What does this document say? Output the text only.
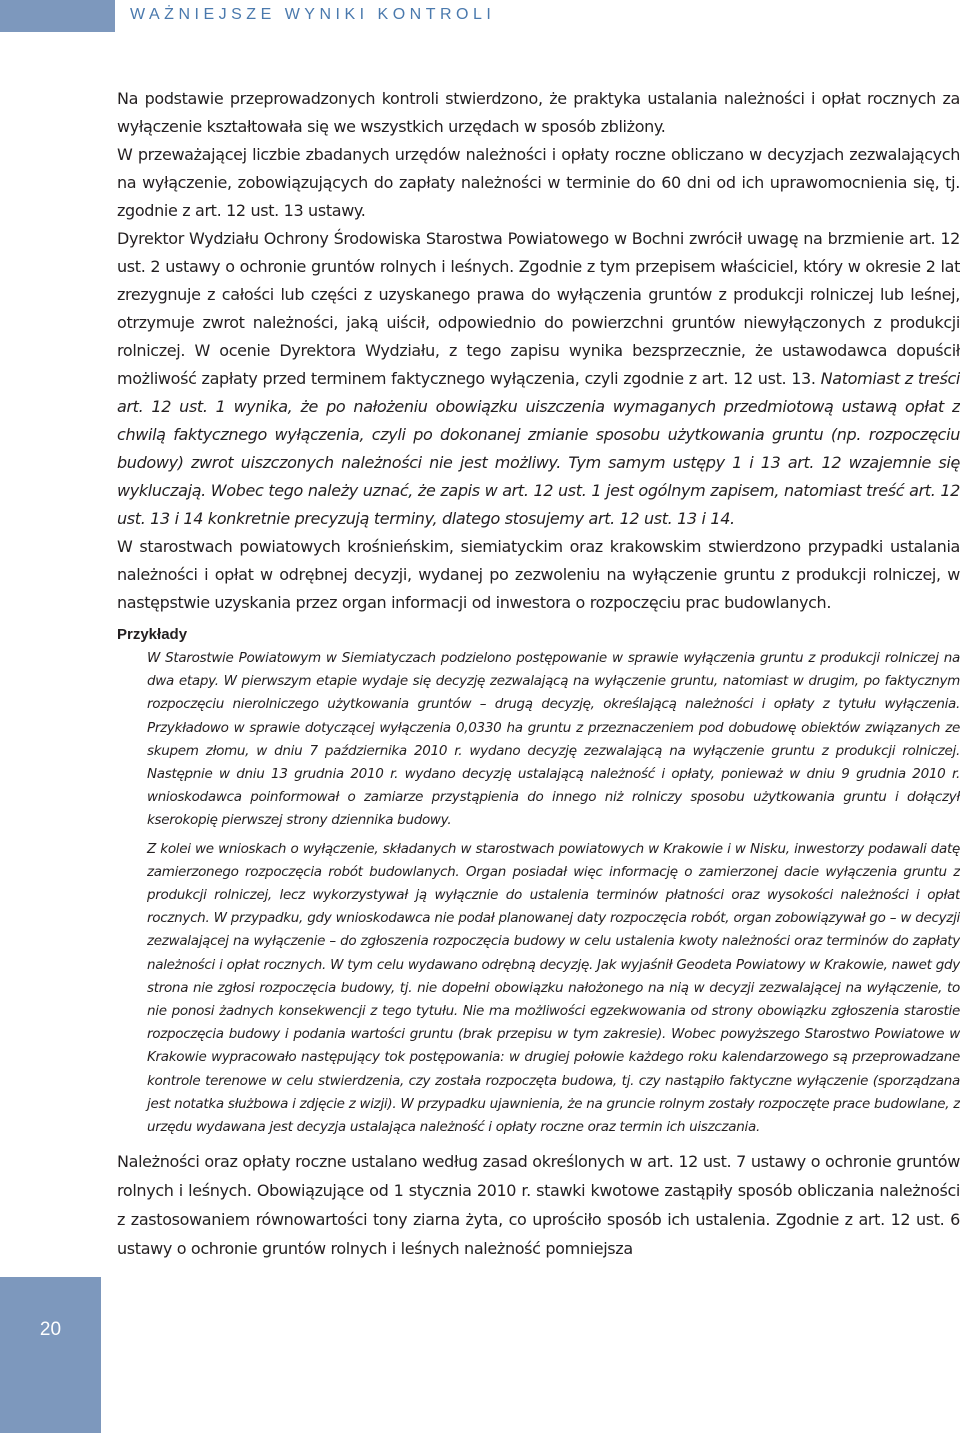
WAŻNIEJSZE WYNIKI KONTROLI

Na podstawie przeprowadzonych kontroli stwierdzono, że praktyka ustalania należności i opłat rocznych za wyłączenie kształtowała się we wszystkich urzędach w sposób zbliżony.

W przeważającej liczbie zbadanych urzędów należności i opłaty roczne obliczano w decyzjach zezwalających na wyłączenie, zobowiązujących do zapłaty należności w terminie do 60 dni od ich uprawomocnienia się, tj. zgodnie z art. 12 ust. 13 ustawy.

Dyrektor Wydziału Ochrony Środowiska Starostwa Powiatowego w Bochni zwrócił uwagę na brzmienie art. 12 ust. 2 ustawy o ochronie gruntów rolnych i leśnych. Zgodnie z tym przepisem właściciel, który w okresie 2 lat zrezygnuje z całości lub części z uzyskanego prawa do wyłączenia gruntów z produkcji rolniczej lub leśnej, otrzymuje zwrot należności, jaką uiścił, odpowiednio do powierzchni gruntów niewyłączonych z produkcji rolniczej. W ocenie Dyrektora Wydziału, z tego zapisu wynika bezsprzecznie, że ustawodawca dopuścił możliwość zapłaty przed terminem faktycznego wyłączenia, czyli zgodnie z art. 12 ust. 13. Natomiast z treści art. 12 ust. 1 wynika, że po nałożeniu obowiązku uiszczenia wymaganych przedmiotową ustawą opłat z chwilą faktycznego wyłączenia, czyli po dokonanej zmianie sposobu użytkowania gruntu (np. rozpoczęciu budowy) zwrot uiszczonych należności nie jest możliwy. Tym samym ustępy 1 i 13 art. 12 wzajemnie się wykluczają. Wobec tego należy uznać, że zapis w art. 12 ust. 1 jest ogólnym zapisem, natomiast treść art. 12 ust. 13 i 14 konkretnie precyzują terminy, dlatego stosujemy art. 12 ust. 13 i 14.

W starostwach powiatowych krośnieńskim, siemiatyckim oraz krakowskim stwierdzono przypadki ustalania należności i opłat w odrębnej decyzji, wydanej po zezwoleniu na wyłączenie gruntu z produkcji rolniczej, w następstwie uzyskania przez organ informacji od inwestora o rozpoczęciu prac budowlanych.

Przykłady

W Starostwie Powiatowym w Siemiatyczach podzielono postępowanie w sprawie wyłączenia gruntu z produkcji rolniczej na dwa etapy. W pierwszym etapie wydaje się decyzję zezwalającą na wyłączenie gruntu, natomiast w drugim, po faktycznym rozpoczęciu nierolniczego użytkowania gruntów – drugą decyzję, określającą należności i opłaty z tytułu wyłączenia. Przykładowo w sprawie dotyczącej wyłączenia 0,0330 ha gruntu z przeznaczeniem pod dobudowę obiektów związanych ze skupem złomu, w dniu 7 października 2010 r. wydano decyzję zezwalającą na wyłączenie gruntu z produkcji rolniczej. Następnie w dniu 13 grudnia 2010 r. wydano decyzję ustalającą należność i opłaty, ponieważ w dniu 9 grudnia 2010 r. wnioskodawca poinformował o zamiarze przystąpienia do innego niż rolniczy sposobu użytkowania gruntu i dołączył kserokopię pierwszej strony dziennika budowy.

Z kolei we wnioskach o wyłączenie, składanych w starostwach powiatowych w Krakowie i w Nisku, inwestorzy podawali datę zamierzonego rozpoczęcia robót budowlanych. Organ posiadał więc informację o zamierzonej dacie wyłączenia gruntu z produkcji rolniczej, lecz wykorzystywał ją wyłącznie do ustalenia terminów płatności oraz wysokości należności i opłat rocznych. W przypadku, gdy wnioskodawca nie podał planowanej daty rozpoczęcia robót, organ zobowiązywał go – w decyzji zezwalającej na wyłączenie – do zgłoszenia rozpoczęcia budowy w celu ustalenia kwoty należności oraz terminów do zapłaty należności i opłat rocznych. W tym celu wydawano odrębną decyzję. Jak wyjaśnił Geodeta Powiatowy w Krakowie, nawet gdy strona nie zgłosi rozpoczęcia budowy, tj. nie dopełni obowiązku nałożonego na nią w decyzji zezwalającej na wyłączenie, to nie ponosi żadnych konsekwencji z tego tytułu. Nie ma możliwości egzekwowania od strony obowiązku zgłoszenia starostie rozpoczęcia budowy i podania wartości gruntu (brak przepisu w tym zakresie). Wobec powyższego Starostwo Powiatowe w Krakowie wypracowało następujący tok postępowania: w drugiej połowie każdego roku kalendarzowego są przeprowadzane kontrole terenowe w celu stwierdzenia, czy została rozpoczęta budowa, tj. czy nastąpiło faktyczne wyłączenie (sporządzana jest notatka służbowa i zdjęcie z wizji). W przypadku ujawnienia, że na gruncie rolnym zostały rozpoczęte prace budowlane, z urzędu wydawana jest decyzja ustalająca należność i opłaty roczne oraz termin ich uiszczania.

Należności oraz opłaty roczne ustalano według zasad określonych w art. 12 ust. 7 ustawy o ochronie gruntów rolnych i leśnych. Obowiązujące od 1 stycznia 2010 r. stawki kwotowe zastąpiły sposób obliczania należności z zastosowaniem równowartości tony ziarna żyta, co uprościło sposób ich ustalenia. Zgodnie z art. 12 ust. 6 ustawy o ochronie gruntów rolnych i leśnych należność pomniejsza

20
